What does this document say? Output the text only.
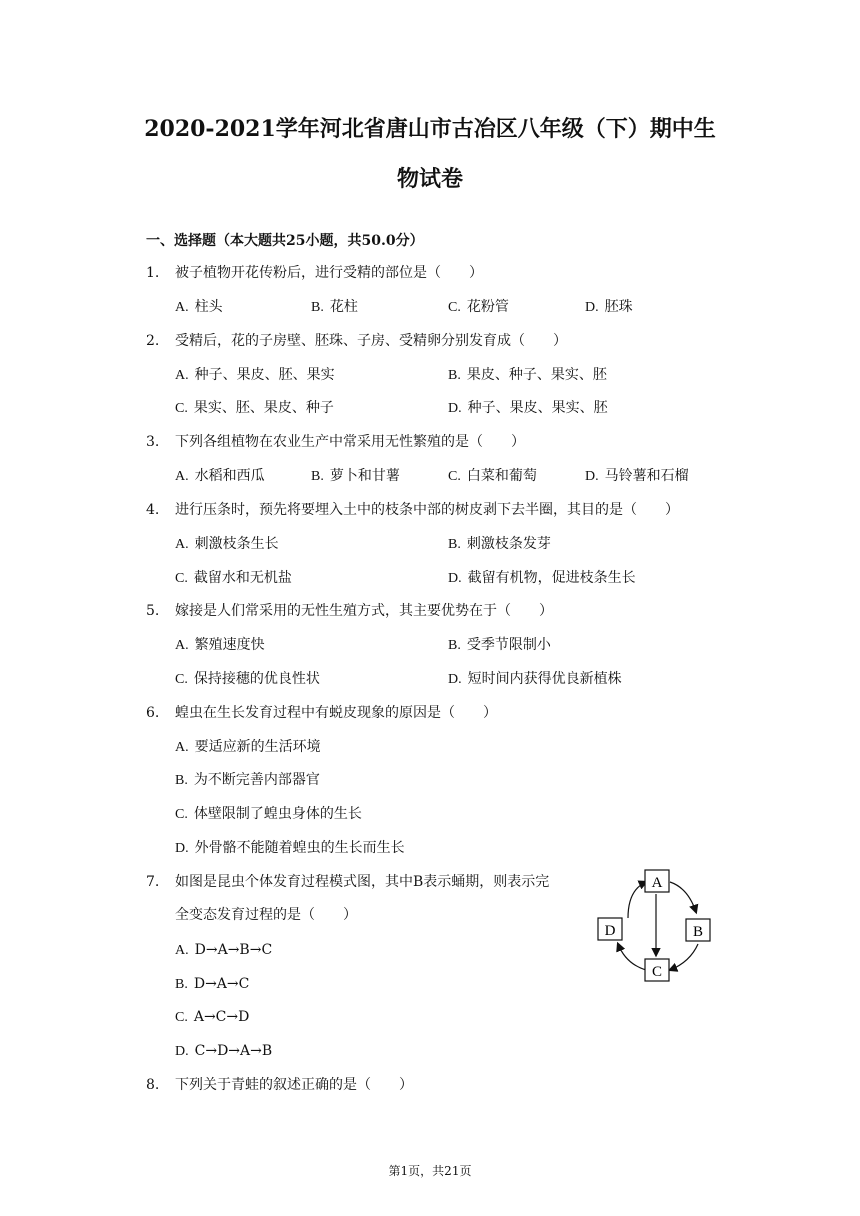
2020-2021学年河北省唐山市古冶区八年级（下）期中生
物试卷
一、选择题（本大题共25小题，共50.0分）
1. 被子植物开花传粉后，进行受精的部位是（　　）
A. 柱头	B. 花柱	C. 花粉管	D. 胚珠
2. 受精后，花的子房壁、胚珠、子房、受精卵分别发育成（　　）
A. 种子、果皮、胚、果实	B. 果皮、种子、果实、胚
C. 果实、胚、果皮、种子	D. 种子、果皮、果实、胚
3. 下列各组植物在农业生产中常采用无性繁殖的是（　　）
A. 水稻和西瓜	B. 萝卜和甘薯	C. 白菜和葡萄	D. 马铃薯和石榴
4. 进行压条时，预先将要埋入土中的枝条中部的树皮剥下去半圈，其目的是（　　）
A. 刺激枝条生长	B. 刺激枝条发芽
C. 截留水和无机盐	D. 截留有机物，促进枝条生长
5. 嫁接是人们常采用的无性生殖方式，其主要优势在于（　　）
A. 繁殖速度快	B. 受季节限制小
C. 保持接穗的优良性状	D. 短时间内获得优良新植株
6. 蝗虫在生长发育过程中有蜕皮现象的原因是（　　）
A. 要适应新的生活环境
B. 为不断完善内部器官
C. 体壁限制了蝗虫身体的生长
D. 外骨骼不能随着蝗虫的生长而生长
7. 如图是昆虫个体发育过程模式图，其中B表示蛹期，则表示完
全变态发育过程的是（　　）
A. D→A→B→C
B. D→A→C
C. A→C→D
D. C→D→A→B
A
B
C
D
8. 下列关于青蛙的叙述正确的是（　　）
第1页，共21页
